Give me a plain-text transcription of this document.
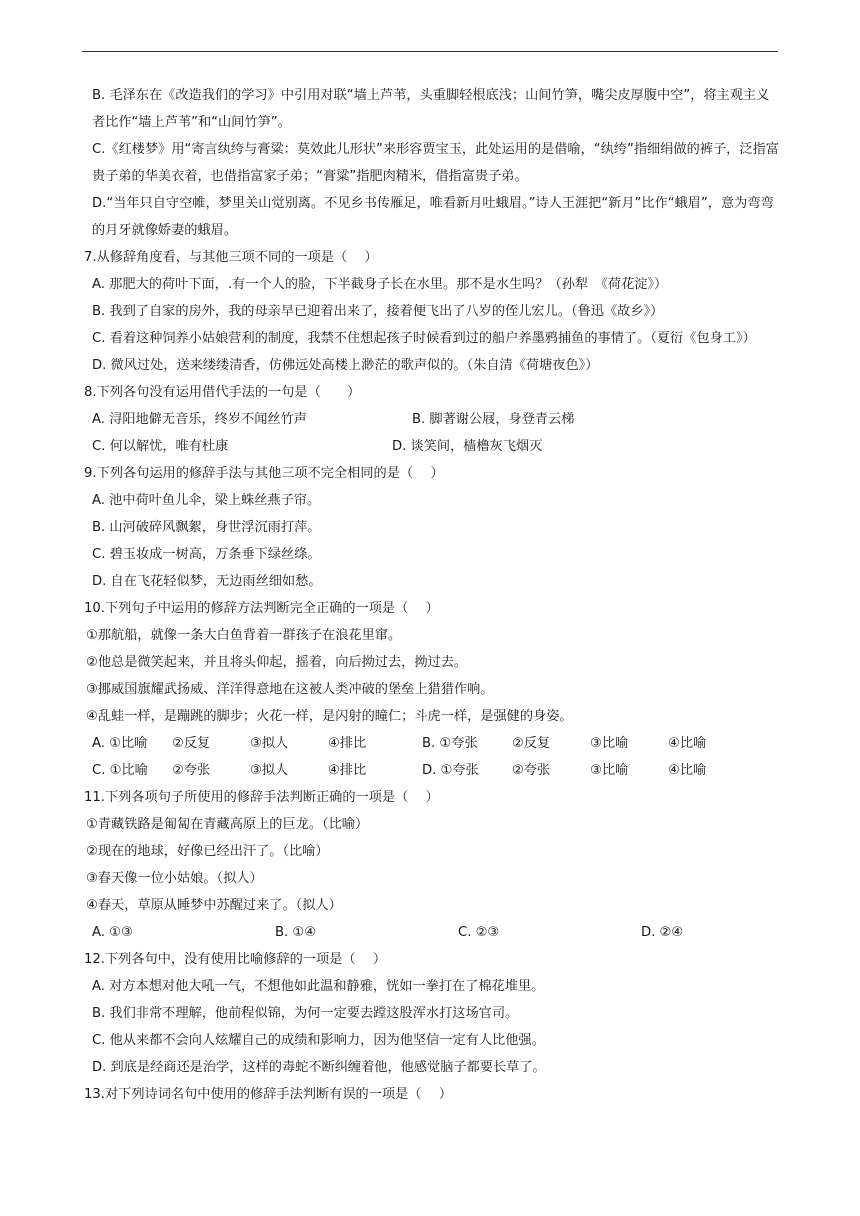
B. 毛泽东在《改造我们的学习》中引用对联“墙上芦苇，头重脚轻根底浅；山间竹笋，嘴尖皮厚腹中空”，将主观主义者比作“墙上芦苇”和“山间竹笋”。
C.《红楼梦》用“寄言纨绔与膏粱：莫效此儿形状”来形容贾宝玉，此处运用的是借喻，“纨绔”指细绢做的裤子，泛指富贵子弟的华美衣着，也借指富家子弟；“膏粱”指肥肉精米，借指富贵子弟。
D.“当年只自守空帷，梦里关山觉别离。不见乡书传雁足，唯看新月吐蛾眉。”诗人王涯把“新月”比作“蛾眉”，意为弯弯的月牙就像娇妻的蛾眉。
7.从修辞角度看，与其他三项不同的一项是（　 ）
A. 那肥大的荷叶下面，.有一个人的脸，下半截身子长在水里。那不是水生吗？（孙犁　《荷花淀》）
B. 我到了自家的房外，我的母亲早已迎着出来了，接着便飞出了八岁的侄儿宏儿。（鲁迅《故乡》）
C. 看着这种饲养小姑娘营利的制度，我禁不住想起孩子时候看到过的船户养墨鸦捕鱼的事情了。（夏衍《包身工》）
D. 微风过处，送来缕缕清香，仿佛远处高楼上渺茫的歌声似的。（朱自清《荷塘夜色》）
8.下列各句没有运用借代手法的一句是（　　）
A. 浔阳地僻无音乐，终岁不闻丝竹声	B. 脚著谢公屐，身登青云梯
C. 何以解忧，唯有杜康	D. 谈笑间，樯橹灰飞烟灭
9.下列各句运用的修辞手法与其他三项不完全相同的是（　 ）
A. 池中荷叶鱼儿伞，梁上蛛丝燕子帘。
B. 山河破碎风飘絮，身世浮沉雨打萍。
C. 碧玉妆成一树高，万条垂下绿丝绦。
D. 自在飞花轻似梦，无边雨丝细如愁。
10.下列句子中运用的修辞方法判断完全正确的一项是（　 ）
①那航船，就像一条大白鱼背着一群孩子在浪花里窜。
②他总是微笑起来，并且将头仰起，摇着，向后拗过去，拗过去。
③挪威国旗耀武扬威、洋洋得意地在这被人类冲破的堡垒上猎猎作响。
④乱蛙一样，是蹦跳的脚步；火花一样，是闪射的瞳仁；斗虎一样，是强健的身姿。
A. ①比喻	②反复	③拟人	④排比	B. ①夸张	②反复	③比喻	④比喻
C. ①比喻	②夸张	③拟人	④排比	D. ①夸张	②夸张	③比喻	④比喻
11.下列各项句子所使用的修辞手法判断正确的一项是（　 ）
①青藏铁路是匍匐在青藏高原上的巨龙。（比喻）
②现在的地球，好像已经出汗了。（比喻）
③春天像一位小姑娘。（拟人）
④春天，草原从睡梦中苏醒过来了。（拟人）
A. ①③	B. ①④	C. ②③	D. ②④
12.下列各句中，没有使用比喻修辞的一项是（　 ）
A. 对方本想对他大吼一气，不想他如此温和静雅，恍如一拳打在了棉花堆里。
B. 我们非常不理解，他前程似锦，为何一定要去蹚这股浑水打这场官司。
C. 他从来都不会向人炫耀自己的成绩和影响力，因为他坚信一定有人比他强。
D. 到底是经商还是治学，这样的毒蛇不断纠缠着他，他感觉脑子都要长草了。
13.对下列诗词名句中使用的修辞手法判断有误的一项是（　 ）
